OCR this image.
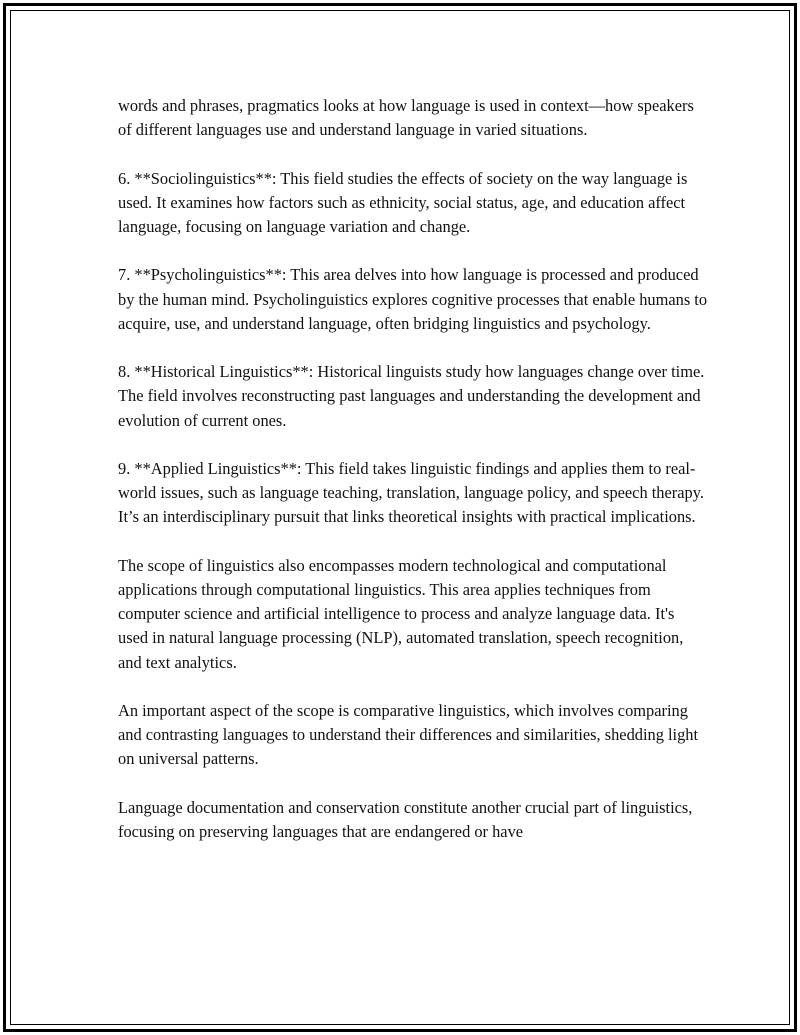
words and phrases, pragmatics looks at how language is used in context—how speakers of different languages use and understand language in varied situations.

6. **Sociolinguistics**: This field studies the effects of society on the way language is used. It examines how factors such as ethnicity, social status, age, and education affect language, focusing on language variation and change.

7. **Psycholinguistics**: This area delves into how language is processed and produced by the human mind. Psycholinguistics explores cognitive processes that enable humans to acquire, use, and understand language, often bridging linguistics and psychology.

8. **Historical Linguistics**: Historical linguists study how languages change over time. The field involves reconstructing past languages and understanding the development and evolution of current ones.

9. **Applied Linguistics**: This field takes linguistic findings and applies them to real-world issues, such as language teaching, translation, language policy, and speech therapy. It’s an interdisciplinary pursuit that links theoretical insights with practical implications.

The scope of linguistics also encompasses modern technological and computational applications through computational linguistics. This area applies techniques from computer science and artificial intelligence to process and analyze language data. It's used in natural language processing (NLP), automated translation, speech recognition, and text analytics.

An important aspect of the scope is comparative linguistics, which involves comparing and contrasting languages to understand their differences and similarities, shedding light on universal patterns.

Language documentation and conservation constitute another crucial part of linguistics, focusing on preserving languages that are endangered or have
